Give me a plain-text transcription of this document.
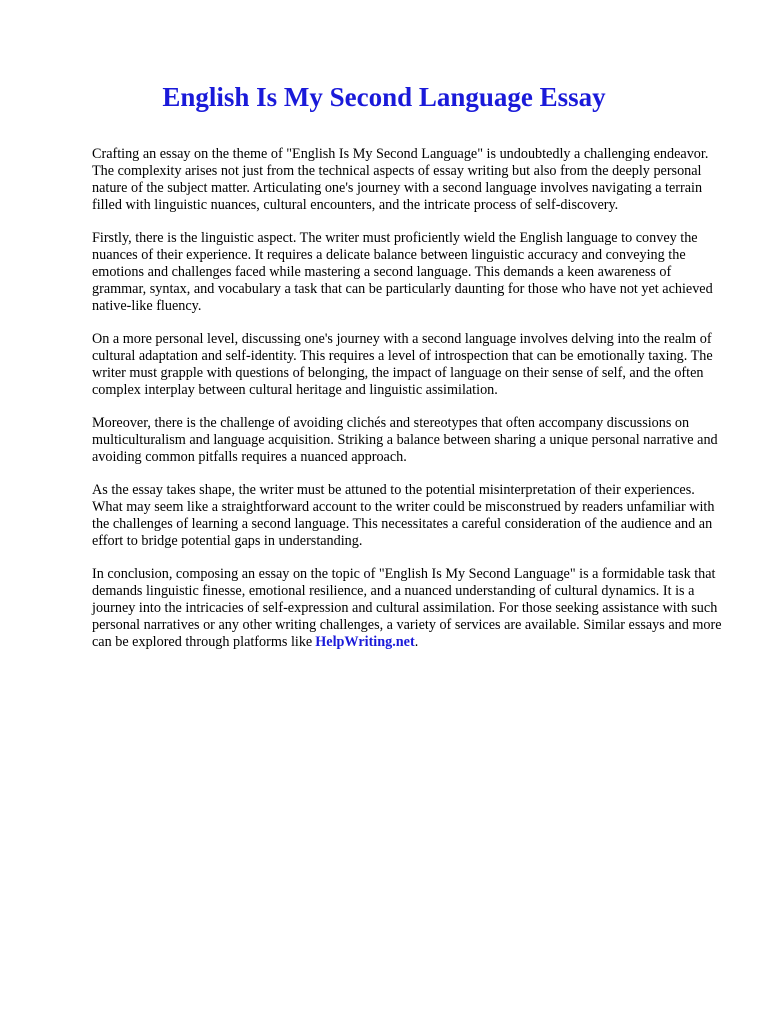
English Is My Second Language Essay

Crafting an essay on the theme of "English Is My Second Language" is undoubtedly a challenging endeavor. The complexity arises not just from the technical aspects of essay writing but also from the deeply personal nature of the subject matter. Articulating one's journey with a second language involves navigating a terrain filled with linguistic nuances, cultural encounters, and the intricate process of self-discovery.

Firstly, there is the linguistic aspect. The writer must proficiently wield the English language to convey the nuances of their experience. It requires a delicate balance between linguistic accuracy and conveying the emotions and challenges faced while mastering a second language. This demands a keen awareness of grammar, syntax, and vocabulary a task that can be particularly daunting for those who have not yet achieved native-like fluency.

On a more personal level, discussing one's journey with a second language involves delving into the realm of cultural adaptation and self-identity. This requires a level of introspection that can be emotionally taxing. The writer must grapple with questions of belonging, the impact of language on their sense of self, and the often complex interplay between cultural heritage and linguistic assimilation.

Moreover, there is the challenge of avoiding clichés and stereotypes that often accompany discussions on multiculturalism and language acquisition. Striking a balance between sharing a unique personal narrative and avoiding common pitfalls requires a nuanced approach.

As the essay takes shape, the writer must be attuned to the potential misinterpretation of their experiences. What may seem like a straightforward account to the writer could be misconstrued by readers unfamiliar with the challenges of learning a second language. This necessitates a careful consideration of the audience and an effort to bridge potential gaps in understanding.

In conclusion, composing an essay on the topic of "English Is My Second Language" is a formidable task that demands linguistic finesse, emotional resilience, and a nuanced understanding of cultural dynamics. It is a journey into the intricacies of self-expression and cultural assimilation. For those seeking assistance with such personal narratives or any other writing challenges, a variety of services are available. Similar essays and more can be explored through platforms like HelpWriting.net.
